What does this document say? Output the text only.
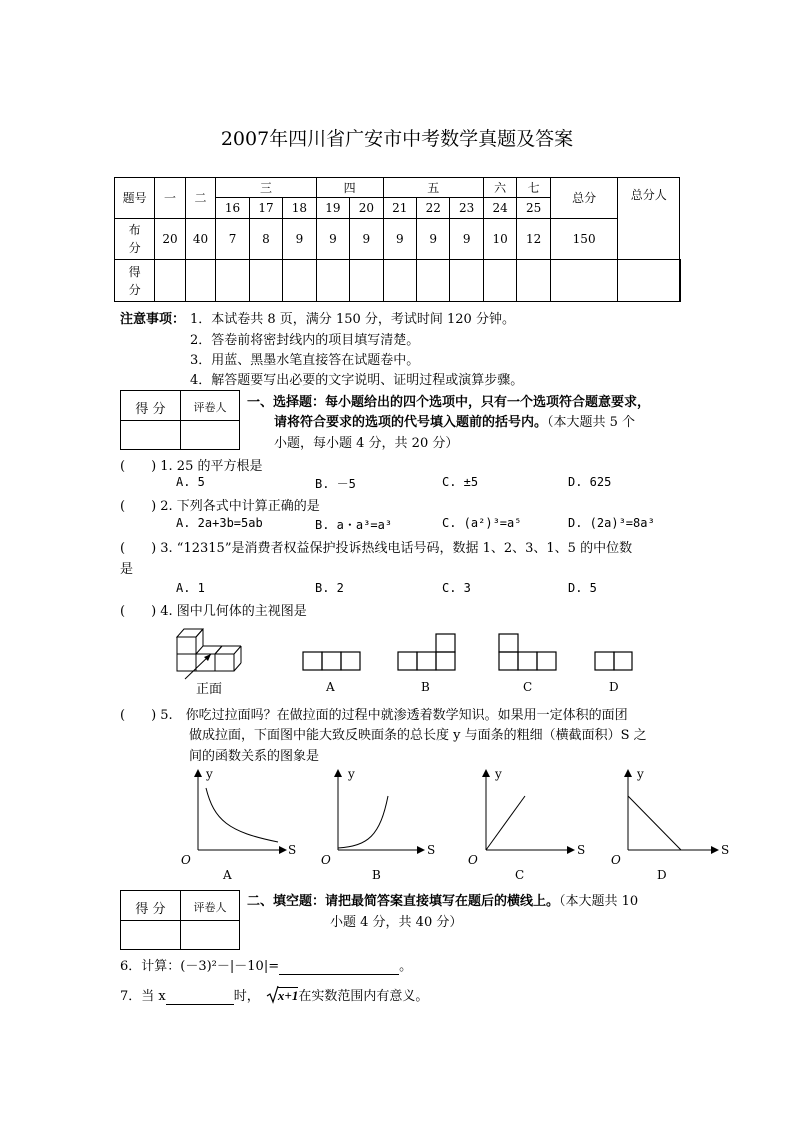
2007年四川省广安市中考数学真题及答案
题号	一	二	三			四		五			六	七	总分	总分人	
			16	17	18	19	20	21	22	23	24	25			
布分	20	40	7	8	9	9	9	9	9	9	10	12	150		
得分															
注意事项： 1．本试卷共 8 页，满分 150 分，考试时间 120 分钟。
2．答卷前将密封线内的项目填写清楚。
3．用蓝、黑墨水笔直接答在试题卷中。
4．解答题要写出必要的文字说明、证明过程或演算步骤。
得 分	评卷人	一、选择题：每小题给出的四个选项中，只有一个选项符合题意要求，
请将符合要求的选项的代号填入题前的括号内。（本大题共 5 个
小题，每小题 4 分，共 20 分）
(　　) 1. 25 的平方根是
A. 5	B. －5	C. ±5	D. 625
(　　) 2. 下列各式中计算正确的是
A. 2a+3b=5ab	B. a・a³=a³	C. (a²)³=a⁵	D. (2a)³=8a³
(　　) 3. “12315”是消费者权益保护投诉热线电话号码，数据 1、2、3、1、5 的中位数
是
A. 1	B. 2	C. 3	D. 5
(　　) 4. 图中几何体的主视图是
正面	A	B	C	D
(　　) 5.　你吃过拉面吗？在做拉面的过程中就渗透着数学知识。如果用一定体积的面团
做成拉面，下面图中能大致反映面条的总长度 y 与面条的粗细（横截面积）S 之
间的函数关系的图象是
y
S
O
A
y
S
O
B
y
S
O
C
y
S
O
D
得 分	评卷人	二、填空题：请把最简答案直接填写在题后的横线上。（本大题共 10
小题 4 分，共 40 分）
6．计算：(－3)²－|－10|=	。
7．当 x	时， x+1在实数范围内有意义。
